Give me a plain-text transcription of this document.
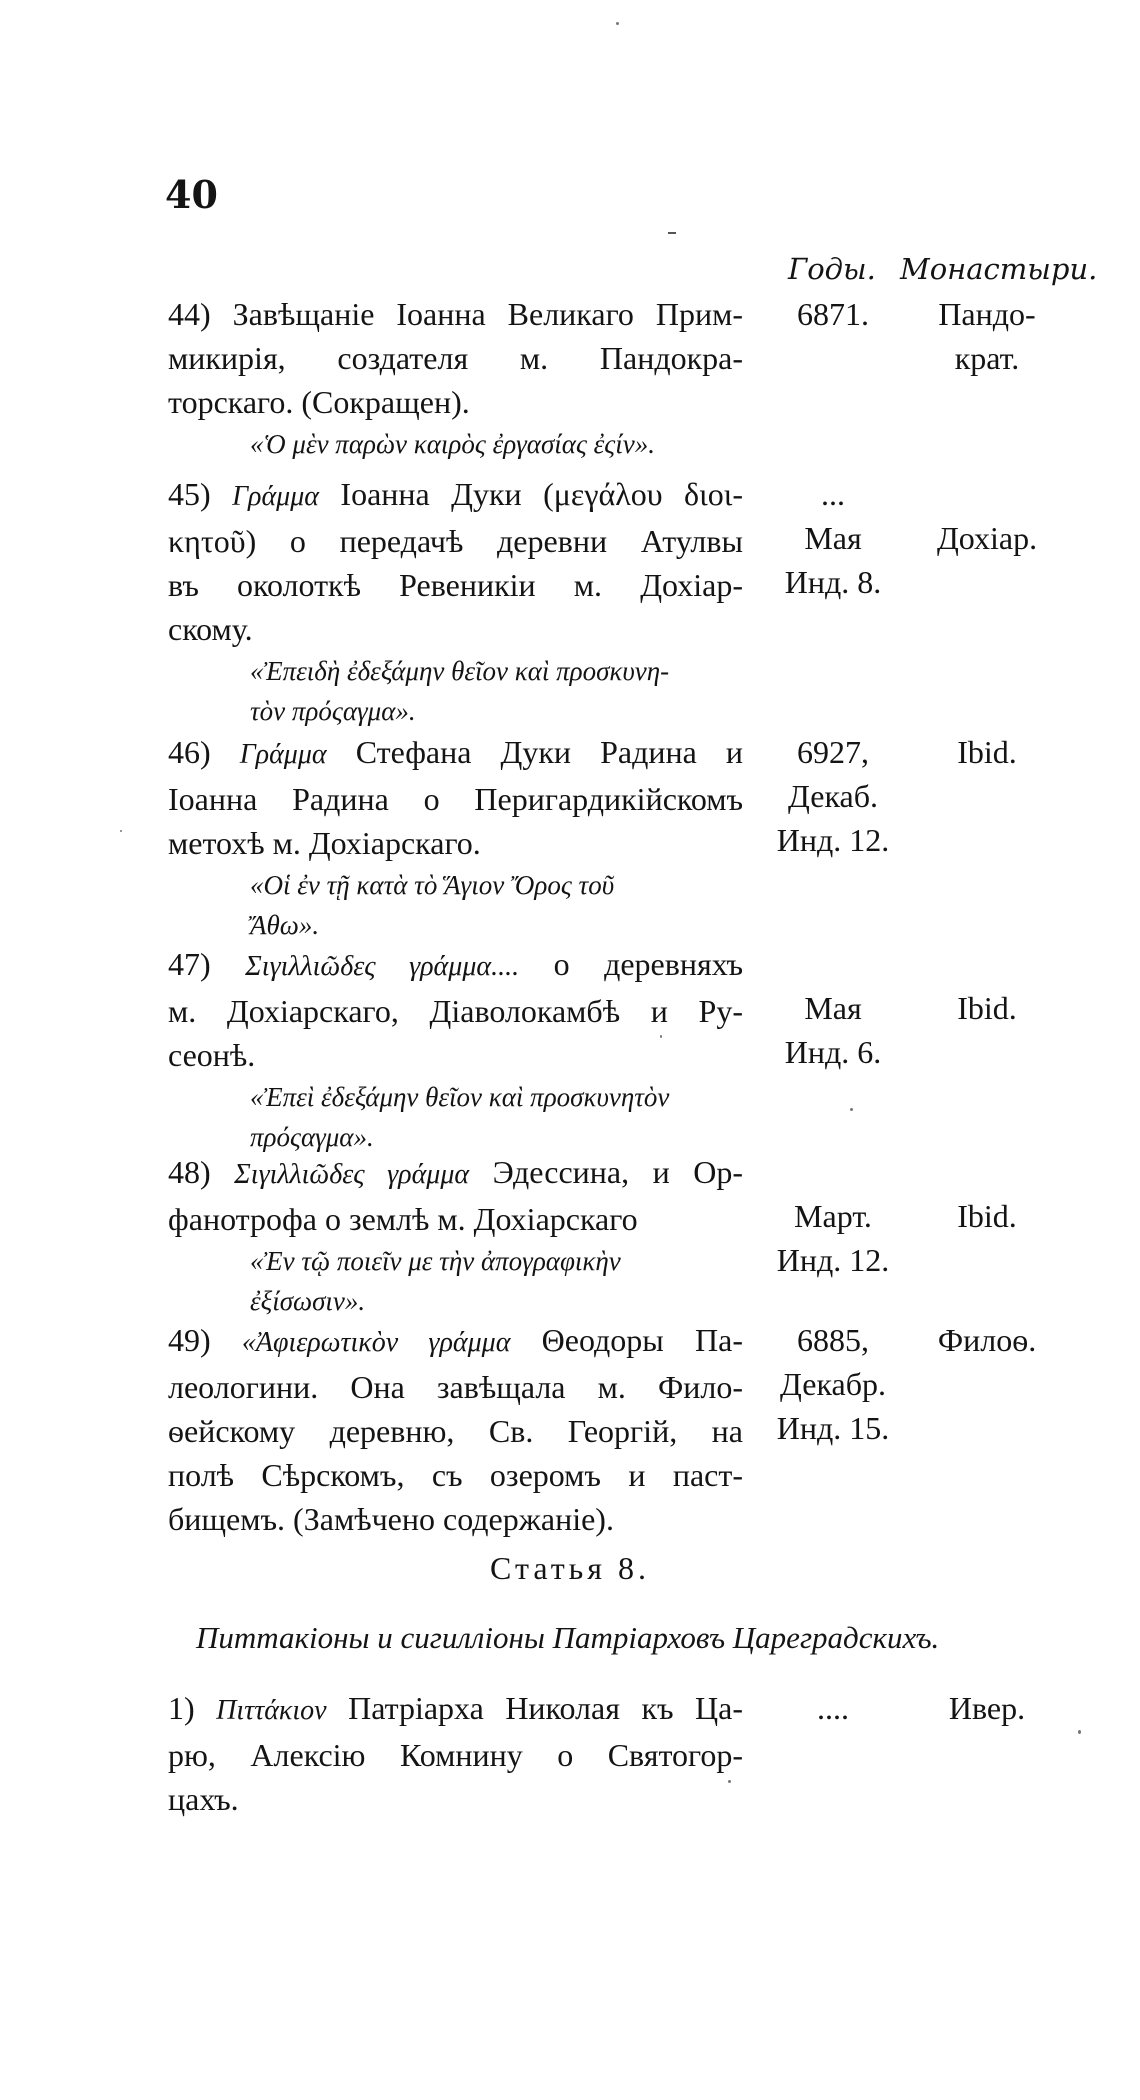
40
Годы. Монастыри.
44) Завѣщаніе Іоанна Великаго Прим-
микирія, создателя м. Пандокра-
торскаго. (Сокращен).
«Ὁ μὲν παρὼν καιρὸς ἐργασίας ἐςίν».
6871.	Пандо-
крат.
45) Γράμμα Іоанна Дуки (μεγάλου διοι-
κητοῦ) о передачѣ деревни Атулвы
въ околоткѣ Ревеникіи м. Дохіар-
скому.
«Ἐπειδὴ ἐδεξάμην θεῖον καὶ προσκυνη-
τὸν πρόςαγμα».
...
Мая
Инд. 8.
Дохіар.
46) Γράμμα Стефана Дуки Радина и
Іоанна Радина о Перигардикійскомъ
метохѣ м. Дохіарскаго.
«Οἱ ἐν τῇ κατὰ τὸ Ἅγιον Ὄρος τοῦ
Ἄθω».
6927,
Декаб.
Инд. 12.
Ibid.
47) Σιγιλλιῶδες γράμμα.... о деревняхъ
м. Дохіарскаго, Діаволокамбѣ и Ру-
сеонѣ.
«Ἐπεὶ ἐδεξάμην θεῖον καὶ προσκυνητὸν
πρόςαγμα».
Мая
Инд. 6.
Ibid.
48) Σιγιλλιῶδες γράμμα Эдессина, и Ор-
фанотрофа о землѣ м. Дохіарскаго
«Ἐν τῷ ποιεῖν με τὴν ἀπογραφικὴν
ἐξίσωσιν».
Март.
Инд. 12.
Ibid.
49) «Ἀφιερωτικὸν γράμμα Θеодоры Па-
леологини. Она завѣщала м. Фило-
ѳейскому деревню, Св. Георгій, на
полѣ Сѣрскомъ, съ озеромъ и паст-
бищемъ. (Замѣчено содержаніе).
6885,
Декабр.
Инд. 15.
Филоѳ.
Статья 8.
Питтакіоны и сигилліоны Патріарховъ Цареградскихъ.
1) Πιττάκιον Патріарха Николая къ Ца-
рю, Алексію Комнину о Святогор-
цахъ.
....	Ивер.
